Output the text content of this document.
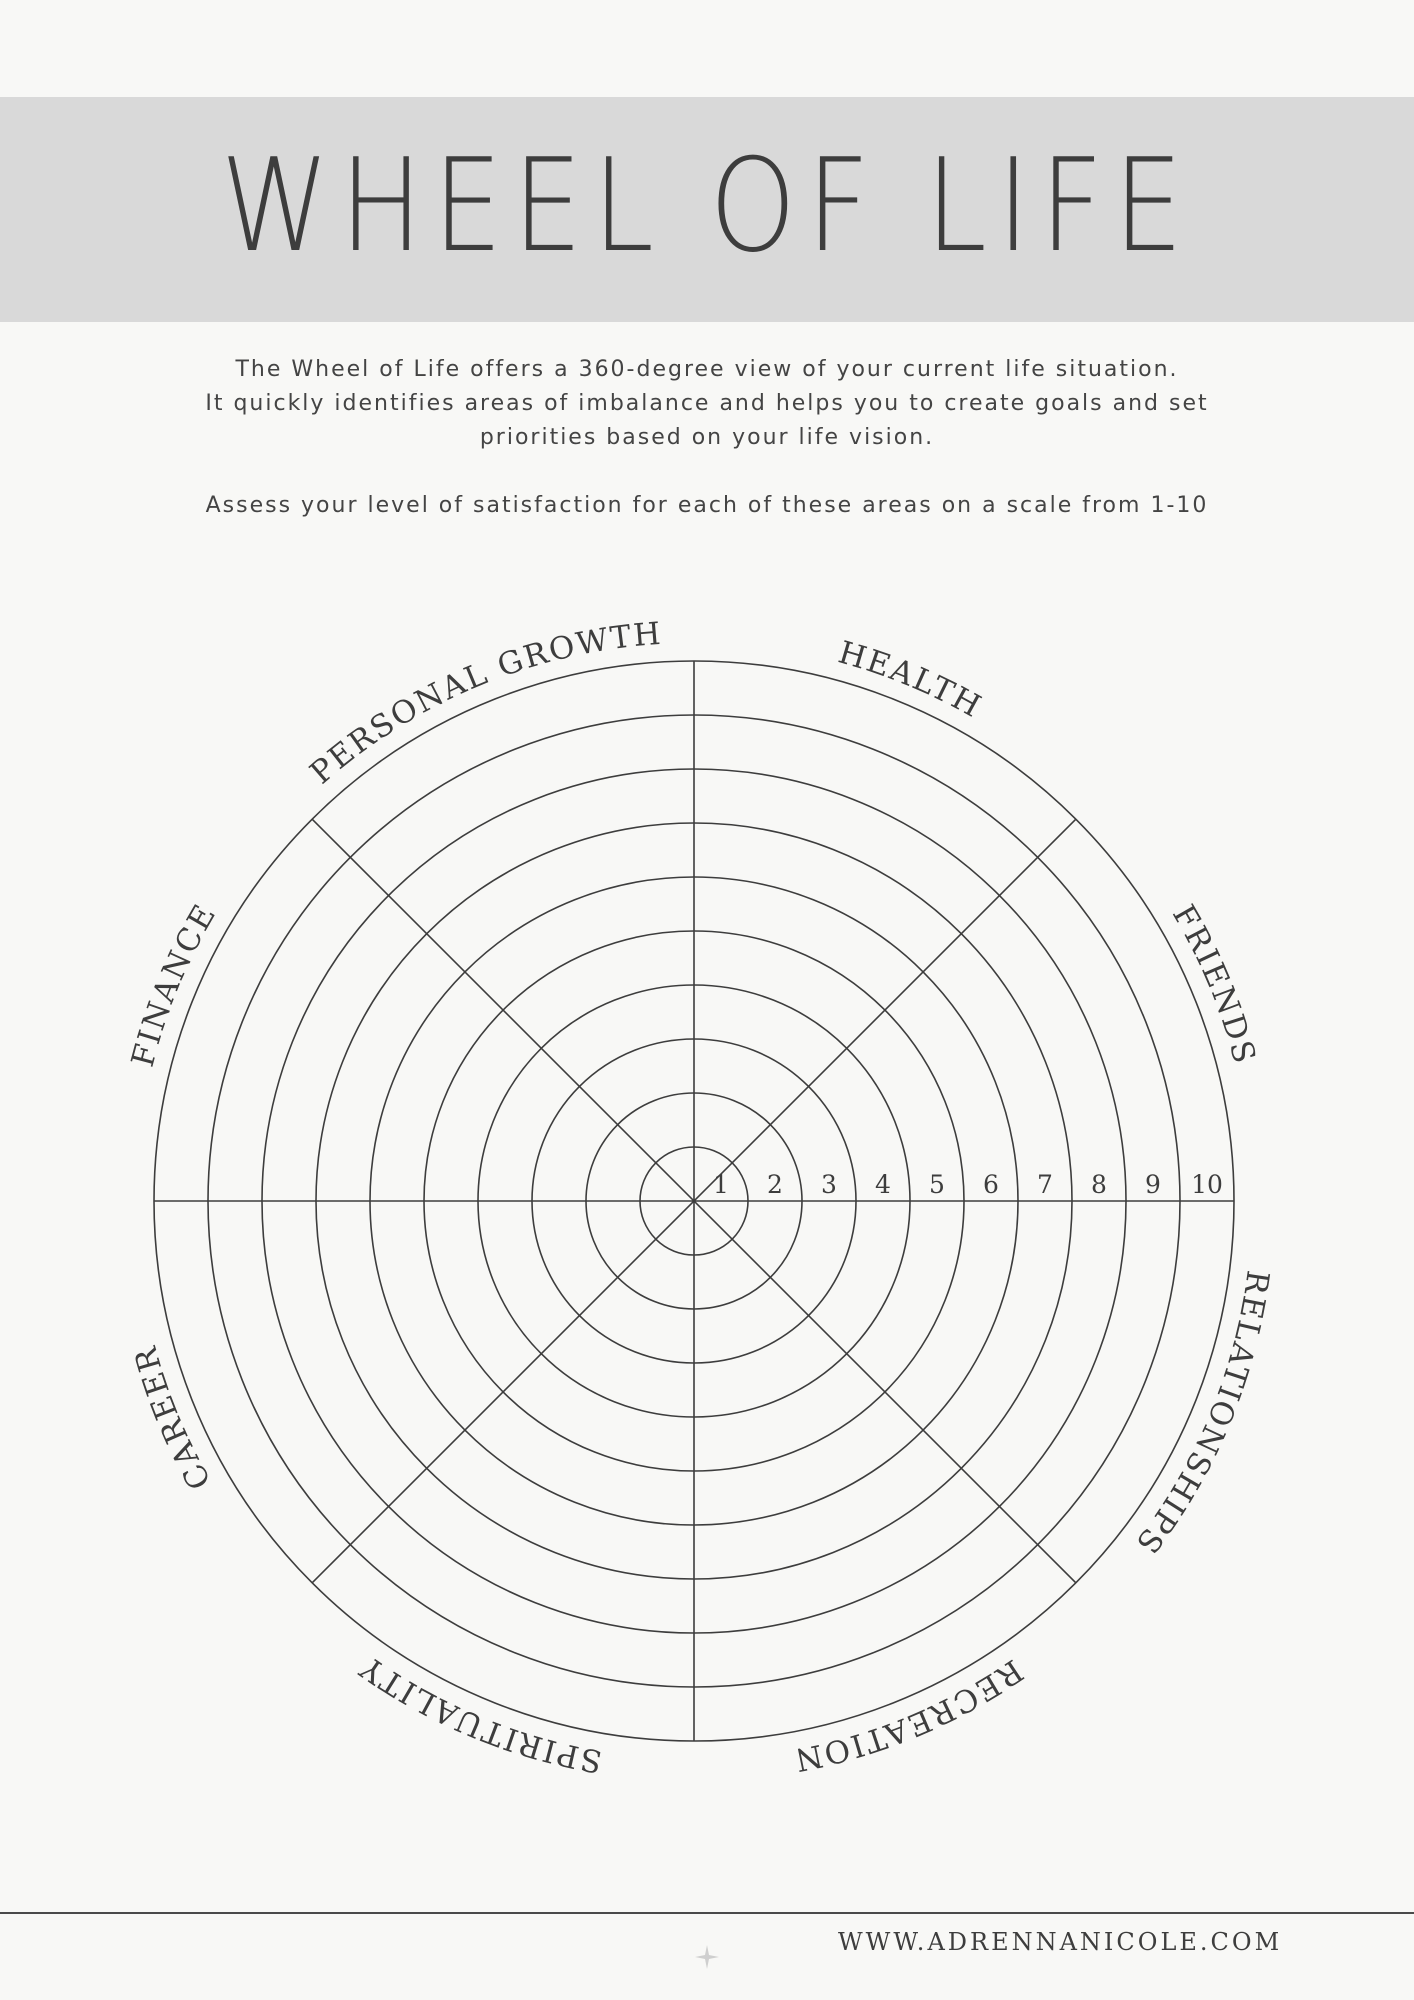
WHEEL OF LIFE

The Wheel of Life offers a 360-degree view of your current life situation.

It quickly identifies areas of imbalance and helps you to create goals and set

priorities based on your life vision.

Assess your level of satisfaction for each of these areas on a scale from 1-10

1 2 3 4 5 6 7 8 9 10
HEALTH
FRIENDS
RELATIONSHIPS
RECREATION
SPIRITUALITY
CAREER
FINANCE
PERSONAL GROWTH
WWW.ADRENNANICOLE.COM
